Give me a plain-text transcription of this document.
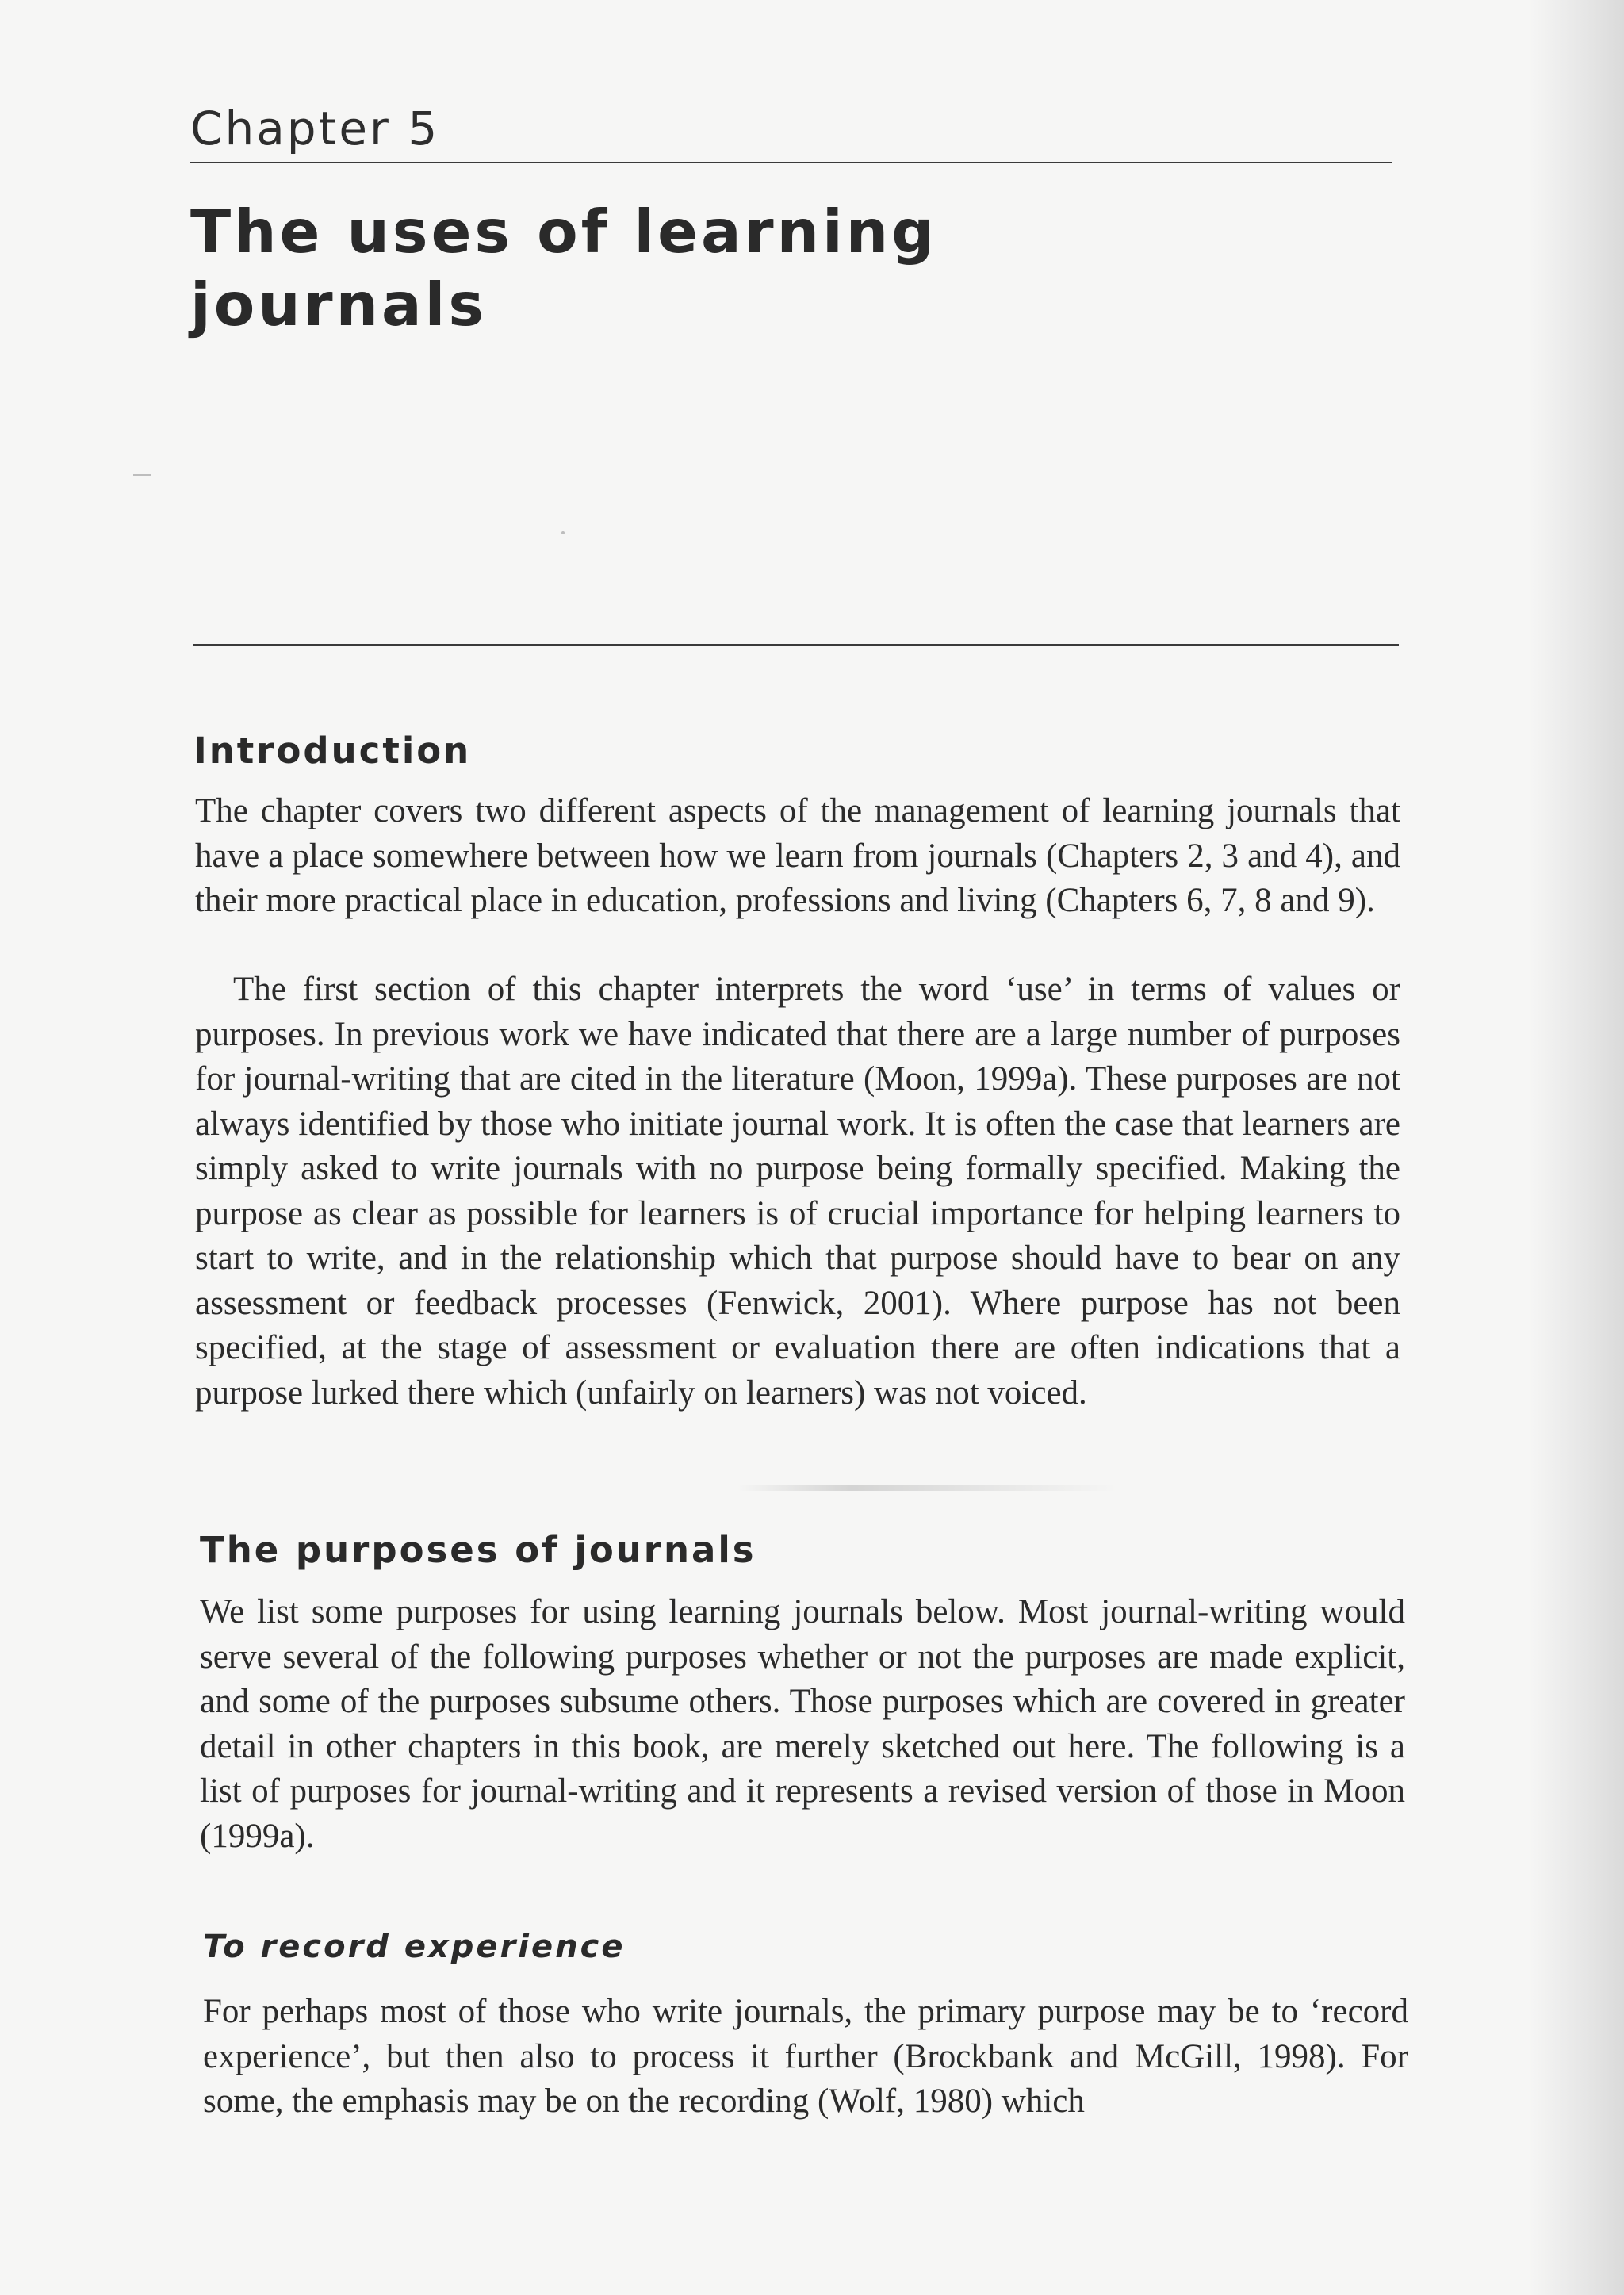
Chapter 5
The uses of learning journals
Introduction

The chapter covers two different aspects of the management of learning journals that have a place somewhere between how we learn from journals (Chapters 2, 3 and 4), and their more practical place in education, professions and living (Chapters 6, 7, 8 and 9).

The first section of this chapter interprets the word ‘use’ in terms of values or purposes. In previous work we have indicated that there are a large number of purposes for journal-writing that are cited in the literature (Moon, 1999a). These purposes are not always identified by those who initiate journal work. It is often the case that learners are simply asked to write journals with no purpose being formally specified. Making the purpose as clear as possible for learners is of crucial importance for helping learners to start to write, and in the relationship which that purpose should have to bear on any assessment or feedback processes (Fenwick, 2001). Where purpose has not been specified, at the stage of assessment or evaluation there are often indications that a purpose lurked there which (unfairly on learners) was not voiced.

The purposes of journals

We list some purposes for using learning journals below. Most journal-writing would serve several of the following purposes whether or not the purposes are made explicit, and some of the purposes subsume others. Those purposes which are covered in greater detail in other chapters in this book, are merely sketched out here. The following is a list of purposes for journal-writing and it represents a revised version of those in Moon (1999a).

To record experience

For perhaps most of those who write journals, the primary purpose may be to ‘record experience’, but then also to process it further (Brockbank and McGill, 1998). For some, the emphasis may be on the recording (Wolf, 1980) which
